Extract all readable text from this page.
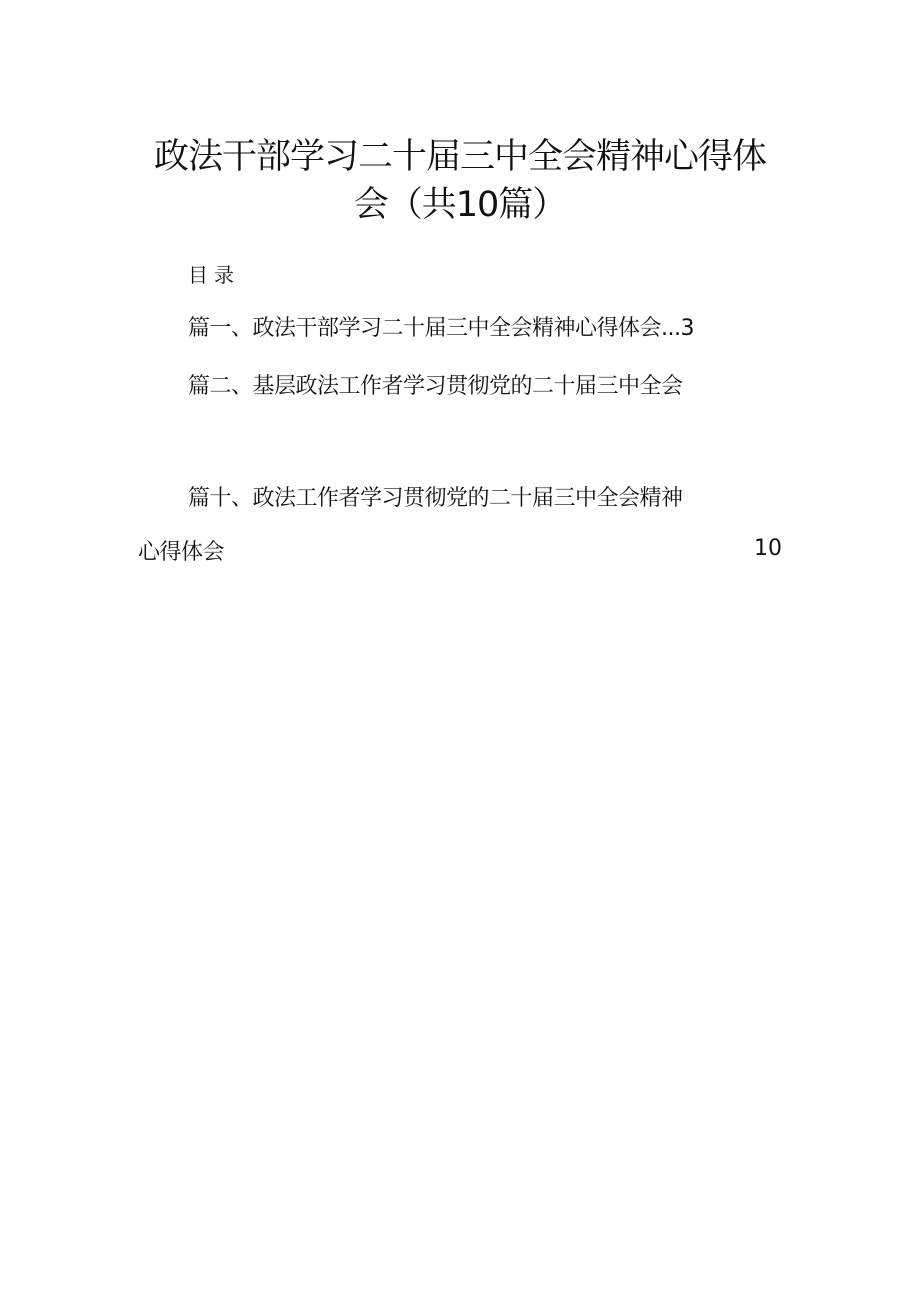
政法干部学习二十届三中全会精神心得体
会（共10篇）
目录
篇一、政法干部学习二十届三中全会精神心得体会...3
篇二、基层政法工作者学习贯彻党的二十届三中全会
篇十、政法工作者学习贯彻党的二十届三中全会精神
心得体会	10
